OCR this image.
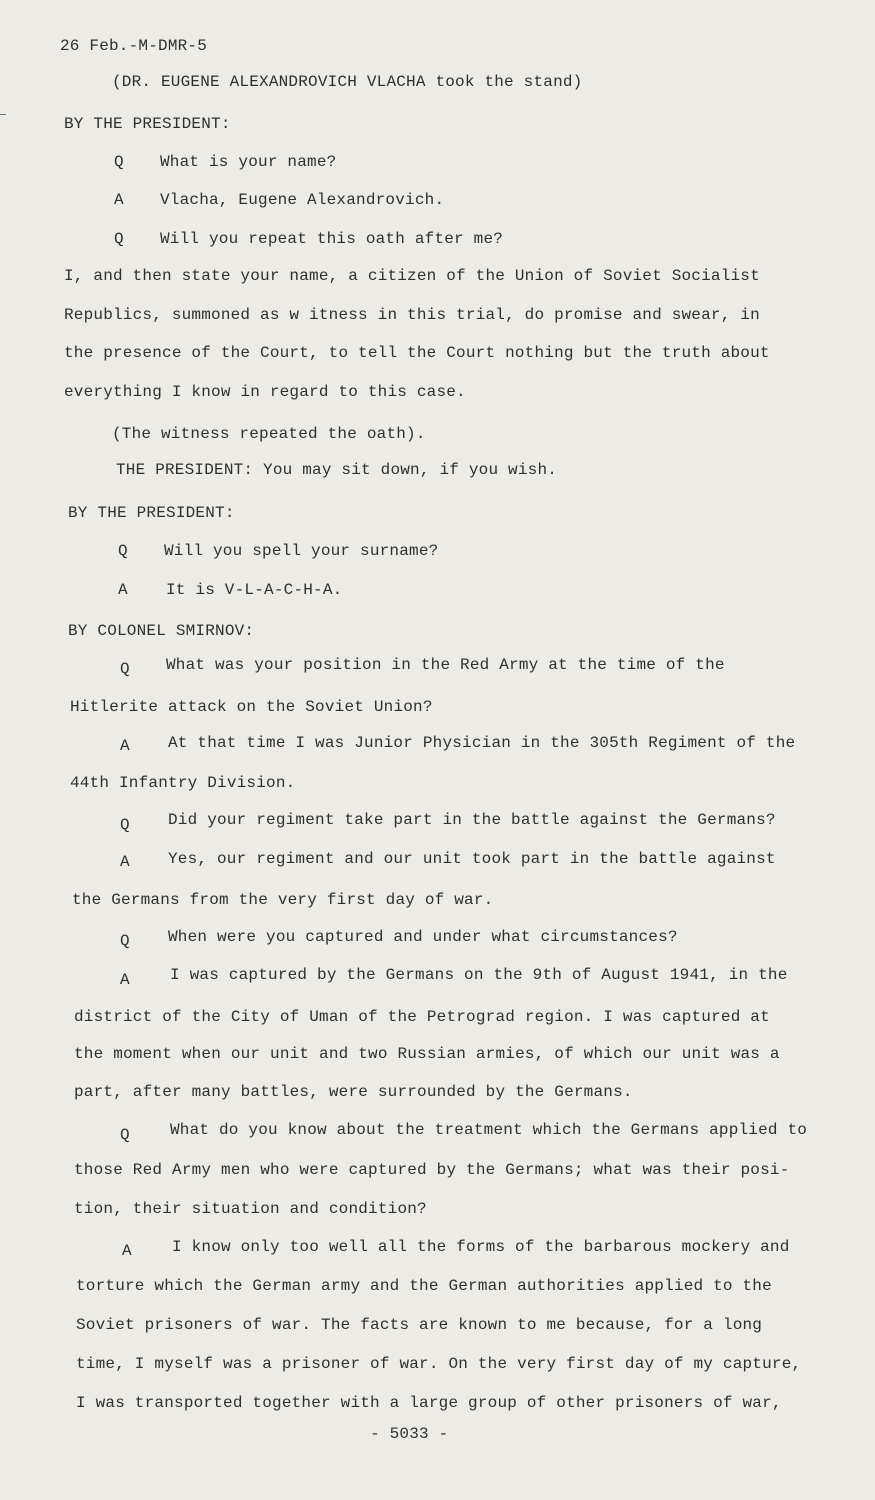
26 Feb.-M-DMR-5
(DR. EUGENE ALEXANDROVICH VLACHA took the stand)
BY THE PRESIDENT:
Q	What is your name?
A	Vlacha, Eugene Alexandrovich.
Q	Will you repeat this oath after me?
I, and then state your name, a citizen of the Union of Soviet Socialist
Republics, summoned as w itness in this trial, do promise and swear, in
the presence of the Court, to tell the Court nothing but the truth about
everything I know in regard to this case.
(The witness repeated the oath).
THE PRESIDENT: You may sit down, if you wish.
BY THE PRESIDENT:
Q	Will you spell your surname?
A	It is V-L-A-C-H-A.
BY COLONEL SMIRNOV:
Q	What was your position in the Red Army at the time of the
Hitlerite attack on the Soviet Union?
A	At that time I was Junior Physician in the 305th Regiment of the
44th Infantry Division.
Q	Did your regiment take part in the battle against the Germans?
A	Yes, our regiment and our unit took part in the battle against
the Germans from the very first day of war.
Q	When were you captured and under what circumstances?
A	I was captured by the Germans on the 9th of August 1941, in the
district of the City of Uman of the Petrograd region. I was captured at
the moment when our unit and two Russian armies, of which our unit was a
part, after many battles, were surrounded by the Germans.
Q	What do you know about the treatment which the Germans applied to
those Red Army men who were captured by the Germans; what was their posi-
tion, their situation and condition?
A	I know only too well all the forms of the barbarous mockery and
torture which the German army and the German authorities applied to the
Soviet prisoners of war. The facts are known to me because, for a long
time, I myself was a prisoner of war. On the very first day of my capture,
I was transported together with a large group of other prisoners of war,
- 5033 -
